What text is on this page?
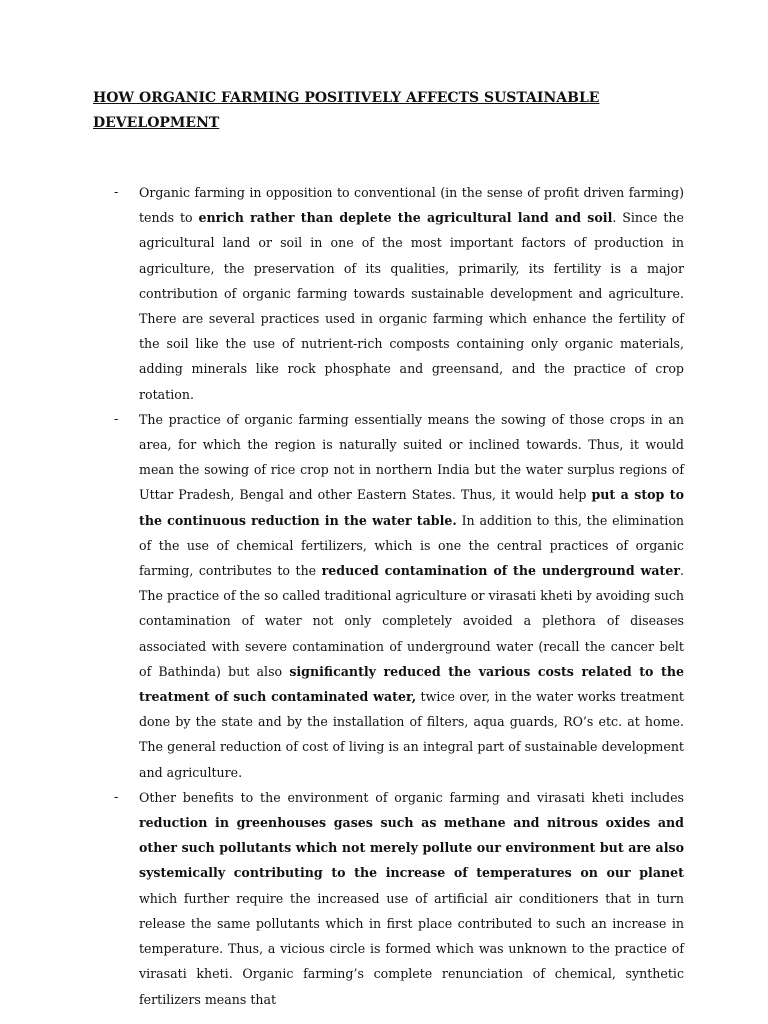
HOW ORGANIC FARMING POSITIVELY AFFECTS SUSTAINABLE DEVELOPMENT
- Organic farming in opposition to conventional (in the sense of profit driven farming) tends to enrich rather than deplete the agricultural land and soil. Since the agricultural land or soil in one of the most important factors of production in agriculture, the preservation of its qualities, primarily, its fertility is a major contribution of organic farming towards sustainable development and agriculture. There are several practices used in organic farming which enhance the fertility of the soil like the use of nutrient-rich composts containing only organic materials, adding minerals like rock phosphate and greensand, and the practice of crop rotation.

- The practice of organic farming essentially means the sowing of those crops in an area, for which the region is naturally suited or inclined towards. Thus, it would mean the sowing of rice crop not in northern India but the water surplus regions of Uttar Pradesh, Bengal and other Eastern States. Thus, it would help put a stop to the continuous reduction in the water table. In addition to this, the elimination of the use of chemical fertilizers, which is one the central practices of organic farming, contributes to the reduced contamination of the underground water. The practice of the so called traditional agriculture or virasati kheti by avoiding such contamination of water not only completely avoided a plethora of diseases associated with severe contamination of underground water (recall the cancer belt of Bathinda) but also significantly reduced the various costs related to the treatment of such contaminated water, twice over, in the water works treatment done by the state and by the installation of filters, aqua guards, RO’s etc. at home. The general reduction of cost of living is an integral part of sustainable development and agriculture.

- Other benefits to the environment of organic farming and virasati kheti includes reduction in greenhouses gases such as methane and nitrous oxides and other such pollutants which not merely pollute our environment but are also systemically contributing to the increase of temperatures on our planet which further require the increased use of artificial air conditioners that in turn release the same pollutants which in first place contributed to such an increase in temperature. Thus, a vicious circle is formed which was unknown to the practice of virasati kheti. Organic farming’s complete renunciation of chemical, synthetic fertilizers means that
